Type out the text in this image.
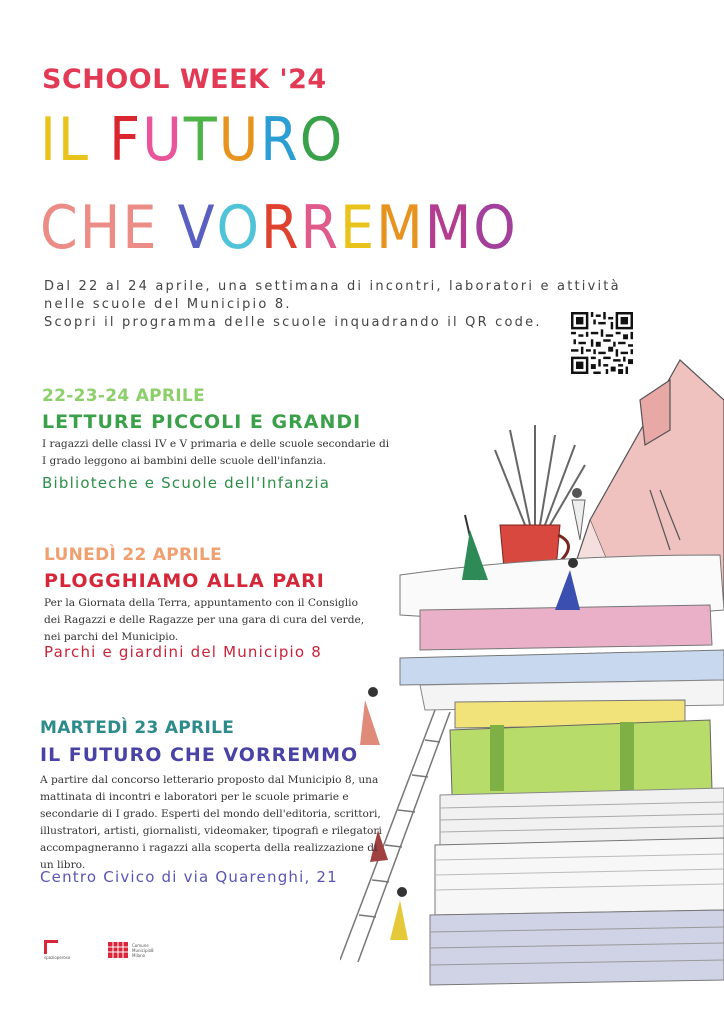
SCHOOL WEEK '24
IL FUTURO
CHE VORREMMO
Dal 22 al 24 aprile, una settimana di incontri, laboratori e attività
nelle scuole del Municipio 8.
Scopri il programma delle scuole inquadrando il QR code.
22-23-24 APRILE
LETTURE PICCOLI E GRANDI
I ragazzi delle classi IV e V primaria e delle scuole secondarie di I grado leggono ai bambini delle scuole dell'infanzia.
Biblioteche e Scuole dell'Infanzia
LUNEDÌ 22 APRILE
PLOGGHIAMO ALLA PARI
Per la Giornata della Terra, appuntamento con il Consiglio dei Ragazzi e delle Ragazze per una gara di cura del verde, nei parchi del Municipio.
Parchi e giardini del Municipio 8
MARTEDÌ 23 APRILE
IL FUTURO CHE VORREMMO
A partire dal concorso letterario proposto dal Municipio 8, una mattinata di incontri e laboratori per le scuole primarie e secondarie di I grado. Esperti del mondo dell'editoria, scrittori, illustratori, artisti, giornalisti, videomaker, tipografi e rilegatori accompagneranno i ragazzi alla scoperta della realizzazione di un libro.
Centro Civico di via Quarenghi, 21
spazioperoso
Comune Municipio8 Milano
